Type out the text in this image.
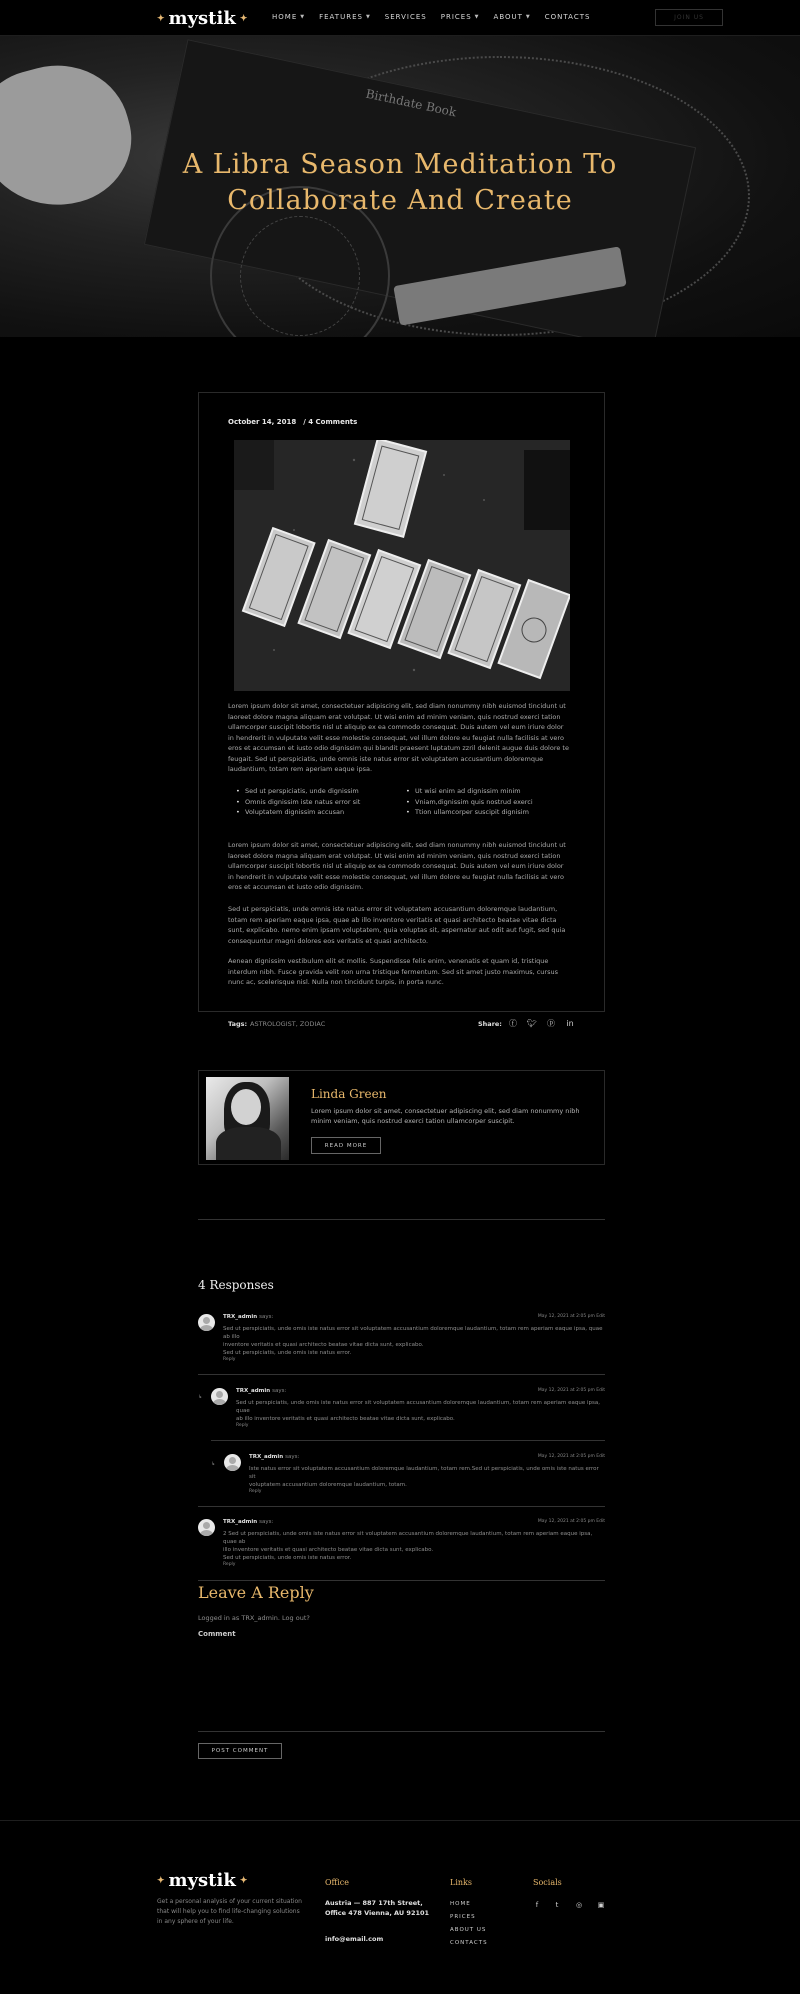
✦ mystik ✦	HOME ▼ FEATURES ▼ SERVICES PRICES ▼ ABOUT ▼ CONTACTS	JOIN US
Birthdate Book
A Libra Season Meditation To
Collaborate And Create
October 14, 2018 / 4 Comments
Lorem ipsum dolor sit amet, consectetuer adipiscing elit, sed diam nonummy nibh euismod tincidunt ut laoreet dolore magna aliquam erat volutpat. Ut wisi enim ad minim veniam, quis nostrud exerci tation ullamcorper suscipit lobortis nisl ut aliquip ex ea commodo consequat. Duis autem vel eum iriure dolor in hendrerit in vulputate velit esse molestie consequat, vel illum dolore eu feugiat nulla facilisis at vero eros et accumsan et iusto odio dignissim qui blandit praesent luptatum zzril delenit augue duis dolore te feugait. Sed ut perspiciatis, unde omnis iste natus error sit voluptatem accusantium doloremque laudantium, totam rem aperiam eaque ipsa.
• Sed ut perspiciatis, unde dignissim
• Omnis dignissim iste natus error sit
• Voluptatem dignissim accusan
• Ut wisi enim ad dignissim minim
• Vniam,dignissim quis nostrud exerci
• Ttion ullamcorper suscipit dignisim
Lorem ipsum dolor sit amet, consectetuer adipiscing elit, sed diam nonummy nibh euismod tincidunt ut laoreet dolore magna aliquam erat volutpat. Ut wisi enim ad minim veniam, quis nostrud exerci tation ullamcorper suscipit lobortis nisl ut aliquip ex ea commodo consequat. Duis autem vel eum iriure dolor in hendrerit in vulputate velit esse molestie consequat, vel illum dolore eu feugiat nulla facilisis at vero eros et accumsan et iusto odio dignissim.
Sed ut perspiciatis, unde omnis iste natus error sit voluptatem accusantium doloremque laudantium, totam rem aperiam eaque ipsa, quae ab illo inventore veritatis et quasi architecto beatae vitae dicta sunt, explicabo. nemo enim ipsam voluptatem, quia voluptas sit, aspernatur aut odit aut fugit, sed quia consequuntur magni dolores eos veritatis et quasi architecto.
Aenean dignissim vestibulum elit et mollis. Suspendisse felis enim, venenatis et quam id, tristique interdum nibh. Fusce gravida velit non urna tristique fermentum. Sed sit amet justo maximus, cursus nunc ac, scelerisque nisl. Nulla non tincidunt turpis, in porta nunc.
Tags: ASTROLOGIST, ZODIAC	Share: ⓕ 🐦︎ ⓟ in
Linda Green
Lorem ipsum dolor sit amet, consectetuer adipiscing elit, sed diam nonummy nibh minim veniam, quis nostrud exerci tation ullamcorper suscipit.
READ MORE
4 Responses
TRX_admin says:	May 12, 2021 at 2:05 pm Edit
Sed ut perspiciatis, unde omis iste natus error sit voluptatem accusantium doloremque laudantium, totam rem aperiam eaque ipsa, quae ab illo
inventore veritatis et quasi architecto beatae vitae dicta sunt, explicabo.
Sed ut perspiciatis, unde omis iste natus error.
Reply
↳
TRX_admin says:	May 12, 2021 at 2:05 pm Edit
Sed ut perspiciatis, unde omis iste natus error sit voluptatem accusantium doloremque laudantium, totam rem aperiam eaque ipsa, quae
ab illo inventore veritatis et quasi architecto beatae vitae dicta sunt, explicabo.
Reply
↳
TRX_admin says:	May 12, 2021 at 2:05 pm Edit
Iste natus error sit voluptatem accusantium doloremque laudantium, totam rem.Sed ut perspiciatis, unde omis iste natus error sit
voluptatem accusantium doloremque laudantium, totam.
Reply
TRX_admin says:	May 12, 2021 at 2:05 pm Edit
2 Sed ut perspiciatis, unde omis iste natus error sit voluptatem accusantium doloremque laudantium, totam rem aperiam eaque ipsa, quae ab
illo inventore veritatis et quasi architecto beatae vitae dicta sunt, explicabo.
Sed ut perspiciatis, unde omis iste natus error.
Reply
Leave A Reply
Logged in as TRX_admin. Log out?
Comment
POST COMMENT
✦ mystik ✦
Get a personal analysis of your current situation that will help you to find life-changing solutions in any sphere of your life.
Office
Austria — 887 17th Street, Office 478 Vienna, AU 92101
info@email.com
Links
HOME
PRICES
ABOUT US
CONTACTS
Socials
f	t	◎ ▣
